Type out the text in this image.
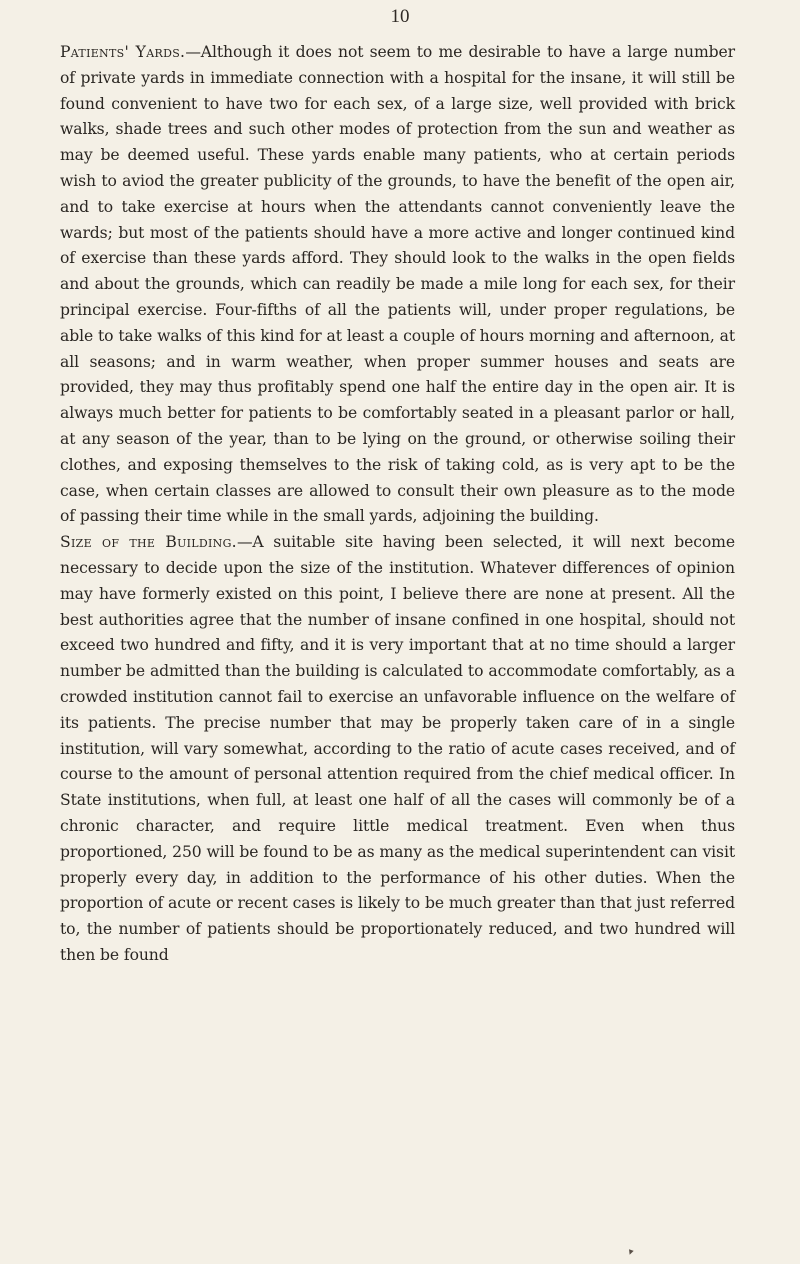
10

Patients' Yards.—Although it does not seem to me desirable to have a large number of private yards in immediate connection with a hospital for the insane, it will still be found convenient to have two for each sex, of a large size, well provided with brick walks, shade trees and such other modes of protection from the sun and weather as may be deemed useful. These yards enable many patients, who at certain periods wish to aviod the greater publicity of the grounds, to have the benefit of the open air, and to take exercise at hours when the attendants cannot conveniently leave the wards; but most of the patients should have a more active and longer continued kind of exercise than these yards afford. They should look to the walks in the open fields and about the grounds, which can readily be made a mile long for each sex, for their principal exercise. Four-fifths of all the patients will, under proper regulations, be able to take walks of this kind for at least a couple of hours morning and afternoon, at all seasons; and in warm weather, when proper summer houses and seats are provided, they may thus profitably spend one half the entire day in the open air. It is always much better for patients to be comfortably seated in a pleasant parlor or hall, at any season of the year, than to be lying on the ground, or otherwise soiling their clothes, and exposing themselves to the risk of taking cold, as is very apt to be the case, when certain classes are allowed to consult their own pleasure as to the mode of passing their time while in the small yards, adjoining the building.

Size of the Building.—A suitable site having been selected, it will next become necessary to decide upon the size of the institution. Whatever differences of opinion may have formerly existed on this point, I believe there are none at present. All the best authorities agree that the number of insane confined in one hospital, should not exceed two hundred and fifty, and it is very important that at no time should a larger number be admitted than the building is calculated to accommodate comfortably, as a crowded institution cannot fail to exercise an unfavorable influence on the welfare of its patients. The precise number that may be properly taken care of in a single institution, will vary somewhat, according to the ratio of acute cases received, and of course to the amount of personal attention required from the chief medical officer. In State institutions, when full, at least one half of all the cases will commonly be of a chronic character, and require little medical treatment. Even when thus proportioned, 250 will be found to be as many as the medical superintendent can visit properly every day, in addition to the performance of his other duties. When the proportion of acute or recent cases is likely to be much greater than that just referred to, the number of patients should be proportionately reduced, and two hundred will then be found

▾
